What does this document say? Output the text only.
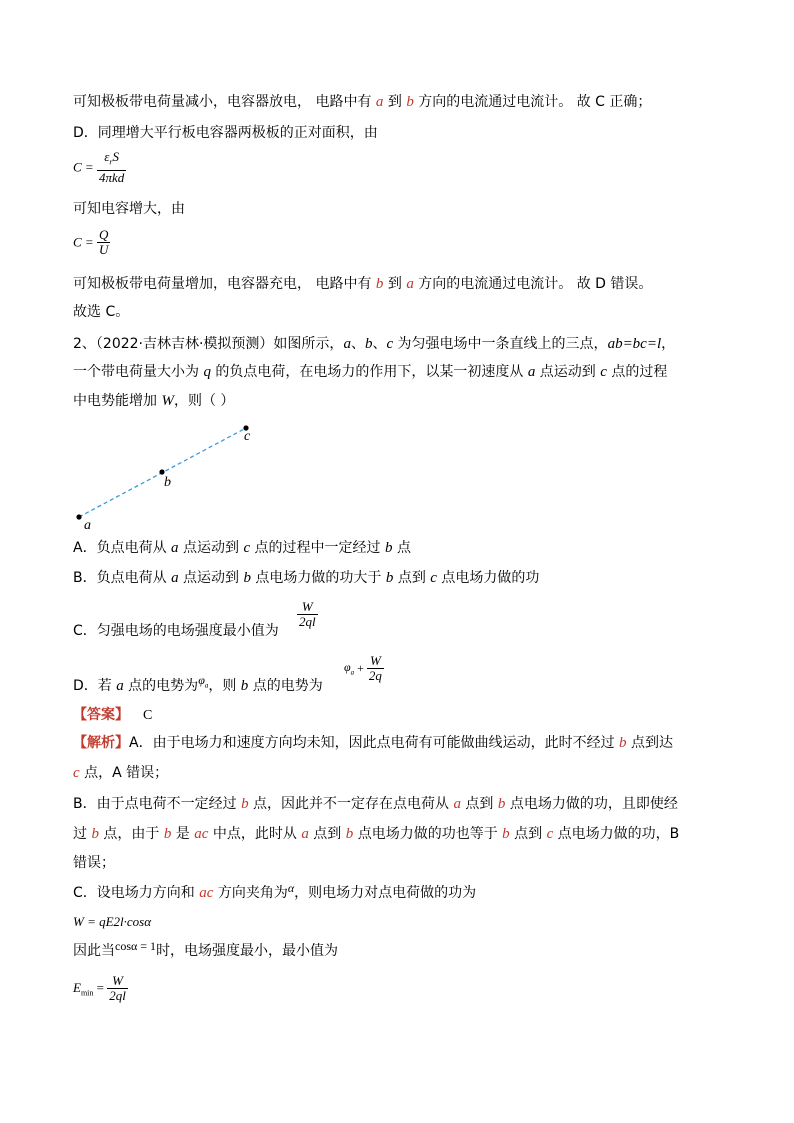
可知极板带电荷量减小，电容器放电， 电路中有 a 到 b 方向的电流通过电流计。 故 C 正确；
D．同理增大平行板电容器两极板的正对面积，由
$C = \frac{\varepsilon_rS}{\text{4πkd}}$
可知电容增大，由
$C = \frac{Q}{U}$
可知极板带电荷量增加，电容器充电， 电路中有 b 到 a 方向的电流通过电流计。 故 D 错误。
故选 C。
2、（2022·吉林吉林·模拟预测）如图所示，a、b、c 为匀强电场中一条直线上的三点，ab=bc=l，
一个带电荷量大小为 q 的负点电荷，在电场力的作用下，以某一初速度从 a 点运动到 c 点的过程
中电势能增加 W，则（ ）
a
b
c
A．负点电荷从 a 点运动到 c 点的过程中一定经过 b 点
B．负点电荷从 a 点运动到 b 点电场力做的功大于 b 点到 c 点电场力做的功
C．匀强电场的电场强度最小值为
$\frac{W}{2ql}$
D．若 a 点的电势为$\varphi_a$，则 b 点的电势为
$\varphi_a + \frac{W}{2q}$
【答案】 C
【解析】A．由于电场力和速度方向均未知，因此点电荷有可能做曲线运动，此时不经过 b 点到达
c 点，A 错误；
B．由于点电荷不一定经过 b 点，因此并不一定存在点电荷从 a 点到 b 点电场力做的功，且即使经
过 b 点，由于 b 是 ac 中点，此时从 a 点到 b 点电场力做的功也等于 b 点到 c 点电场力做的功，B
错误；
C．设电场力方向和 ac 方向夹角为α，则电场力对点电荷做的功为
W = qE2l·cosα
因此当cosα = 1时，电场强度最小，最小值为
$E_{min} = \frac{W}{2ql}$
